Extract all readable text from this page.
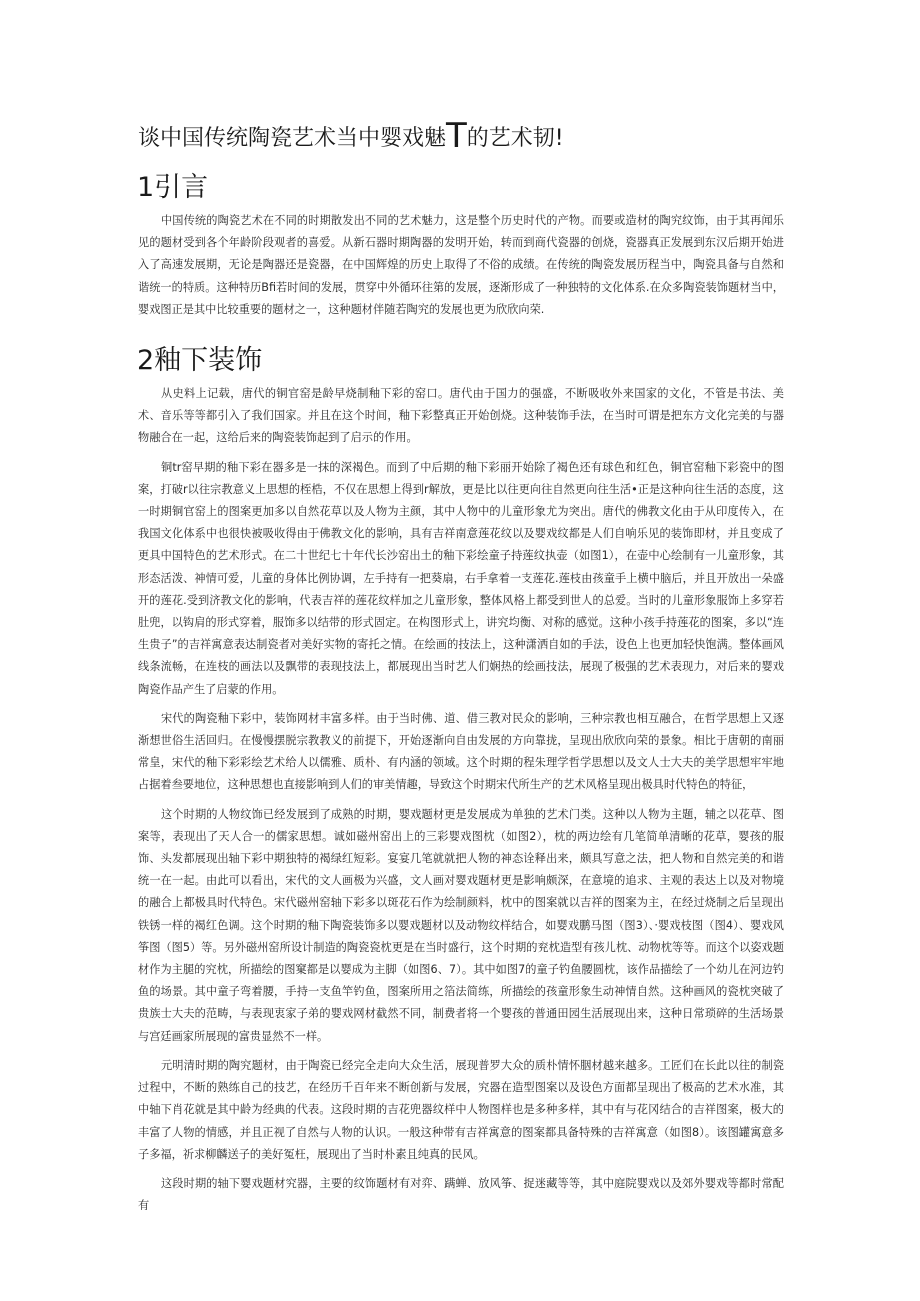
谈中国传统陶瓷艺术当中婴戏魅T的艺术韧!
1引言

中国传统的陶瓷艺术在不同的时期散发出不同的艺术魅力，这是整个历史时代的产物。而要或造材的陶究纹饰，由于其再闻乐见的题材受到各个年龄阶段观者的喜爱。从新石器时期陶器的发明开始，转而到商代瓷器的创烧，瓷器真正发展到东汉后期开始进入了高速发展期，无论是陶器还是瓷器，在中国辉煌的历史上取得了不俗的成绩。在传统的陶瓷发展历程当中，陶瓷具备与自然和谐统一的特质。这种特历Bfi若时间的发展，贯穿中外循环往第的发展，逐渐形成了一种独特的文化体系.在众多陶瓷装饰题材当中，婴戏图正是其中比较重要的题材之一，这种题材伴随若陶究的发展也更为欣欣向荣.

2釉下装饰

从史料上记载，唐代的铜官窑是龄早烧制釉下彩的窑口。唐代由于国力的强盛，不断吸收外来国家的文化，不管是书法、美术、音乐等等都引入了我们国家。并且在这个时间，釉下彩整真正开始创烧。这种装饰手法，在当时可谓是把东方文化完美的与器物融合在一起，这给后来的陶瓷装饰起到了启示的作用。

铜tr窑早期的釉下彩在器多是一抹的深褐色。而到了中后期的釉下彩丽开始除了褐色还有球色和红色，铜官窑釉下彩瓷中的图案，打破r以往宗教意义上思想的桎梏，不仅在思想上得到r解放，更是比以往更向往自然更向往生活•正是这种向往生活的态度，这一时期铜官窑上的图案更加多以自然花草以及人物为主颜，其中人物中的儿童形象尤为突出。唐代的佛教文化由于从印度传入，在我国文化体系中也很快被吸收得由于佛教文化的影响，具有吉祥南意莲花纹以及婴戏纹都是人们自响乐见的装饰即材，并且变成了更具中国特色的艺术形式。在二十世纪七十年代长沙窑出土的釉下彩绘童子持莲纹执壶（如图1），在壶中心绘制有一儿童形象，其形态活泼、神情可爱，儿童的身体比例协调，左手持有一把葵扇，右手拿着一支莲花.莲枝由孩童手上横中脑后，并且开放出一朵盛开的莲花.受到济教文化的影响，代表吉祥的莲花纹样加之儿童形象，整体风格上都受到世人的总爱。当时的儿童形象服饰上多穿若肚兜，以钩肩的形式穿着，服饰多以结带的形式固定。在构图形式上，讲究均衡、对称的感觉。这种小孩手持莲花的图案，多以“连生贵子”的吉祥寓意表达制瓷者对美好实物的寄托之情。在绘画的技法上，这种潇洒自如的手法，设色上也更加轻快饱满。整体画风线条流畅，在连枝的画法以及飘带的表现技法上，都展现出当时艺人们娴热的绘画技法，展现了极强的艺术表现力，对后来的婴戏陶瓷作品产生了启蒙的作用。

宋代的陶瓷釉下彩中，装饰网材丰富多样。由于当时佛、道、借三教对民众的影响，三种宗教也相互融合，在哲学思想上又逐渐想世俗生活回归。在慢慢摆脱宗教教义的前提下，开始逐渐向自由发展的方向靠拢，呈现出欣欣向荣的景象。相比于唐朝的南丽常皇，宋代的釉下彩彩绘艺术给人以儒雅、质朴、有内涵的领域。这个时期的程朱理学哲学思想以及文人士大夫的美学思想牢牢地占据着叁要地位，这种思想也直接影响到人们的审美情趣，导致这个时期宋代所生产的艺术风格呈现出极具时代特色的特征，

这个时期的人物纹饰已经发展到了成熟的时期，婴戏题材更是发展成为单独的艺术门类。这种以人物为主题，辅之以花草、图案等，表现出了天人合一的儒家思想。诚如磁州窑出上的三彩婴戏图枕（如图2），枕的两边绘有几笔简单清晰的花草，婴孩的服饰、头发都展现出轴下彩中期独特的褐绿红短彩。宴宴几笔就就把人物的神态诠释出来，颇具写意之法，把人物和自然完美的和谐统一在一起。由此可以看出，宋代的文人画极为兴盛，文人画对婴戏题材更是影响颇深，在意境的追求、主观的表达上以及对物境的融合上都极具时代特色。宋代磁州窑轴下彩多以斑花石作为绘制颜料，枕中的图案就以吉祥的图案为主，在经过烧制之后呈现出铁锈一样的褐红色调。这个时期的釉下陶瓷装饰多以婴戏题材以及动物纹样结合，如婴戏鹏马图（图3）、·婴戏枝图（图4）、婴戏风筝图（图5）等。另外磁州窑所设计制造的陶瓷瓷枕更是在当时盛行，这个时期的兖枕造型有孩儿枕、动物枕等等。而这个以姿戏题材作为主腿的究枕，所描绘的图窠都是以婴成为主脚（如图6、7）。其中如图7的童子钓鱼腰圆枕，该作品描绘了一个幼儿在河边钓鱼的场景。其中童子弯着腰，手持一支鱼竿钓鱼，图案所用之箔法简练，所描绘的孩童形象生动神情自然。这种画风的瓷枕突破了贵族士大夫的范畴，与表现衷家子弟的婴戏网材截然不同，制费者将一个婴孩的普通田园生活展现出来，这种日常琐碎的生活场景与宫廷画家所展现的富贵显然不一样。

元明清时期的陶究题材，由于陶瓷已经完全走向大众生活，展现普罗大众的质朴情怀胭材越来越多。工匠们在长此以往的制瓷过程中，不断的熟练自己的技艺，在经历千百年来不断创新与发展，究器在造型图案以及设色方面都呈现出了极高的艺术水准，其中轴下肖花就是其中龄为经典的代表。这段时期的吉花兜器纹样中人物图样也是多种多样，其中有与花冈结合的吉祥图案，极大的丰富了人物的情感，并且正视了自然与人物的认识。一般这种带有吉祥寓意的图案都具备特殊的吉祥寓意（如图8）。该图罐寓意多子多福，祈求柳麟送子的美好冤枉，展现出了当时朴素且纯真的民风。

这段时期的轴下婴戏题材究器，主要的纹饰题材有对弈、蹒蝉、放风筝、捉迷藏等等，其中庭院婴戏以及郊外婴戏等都时常配有
